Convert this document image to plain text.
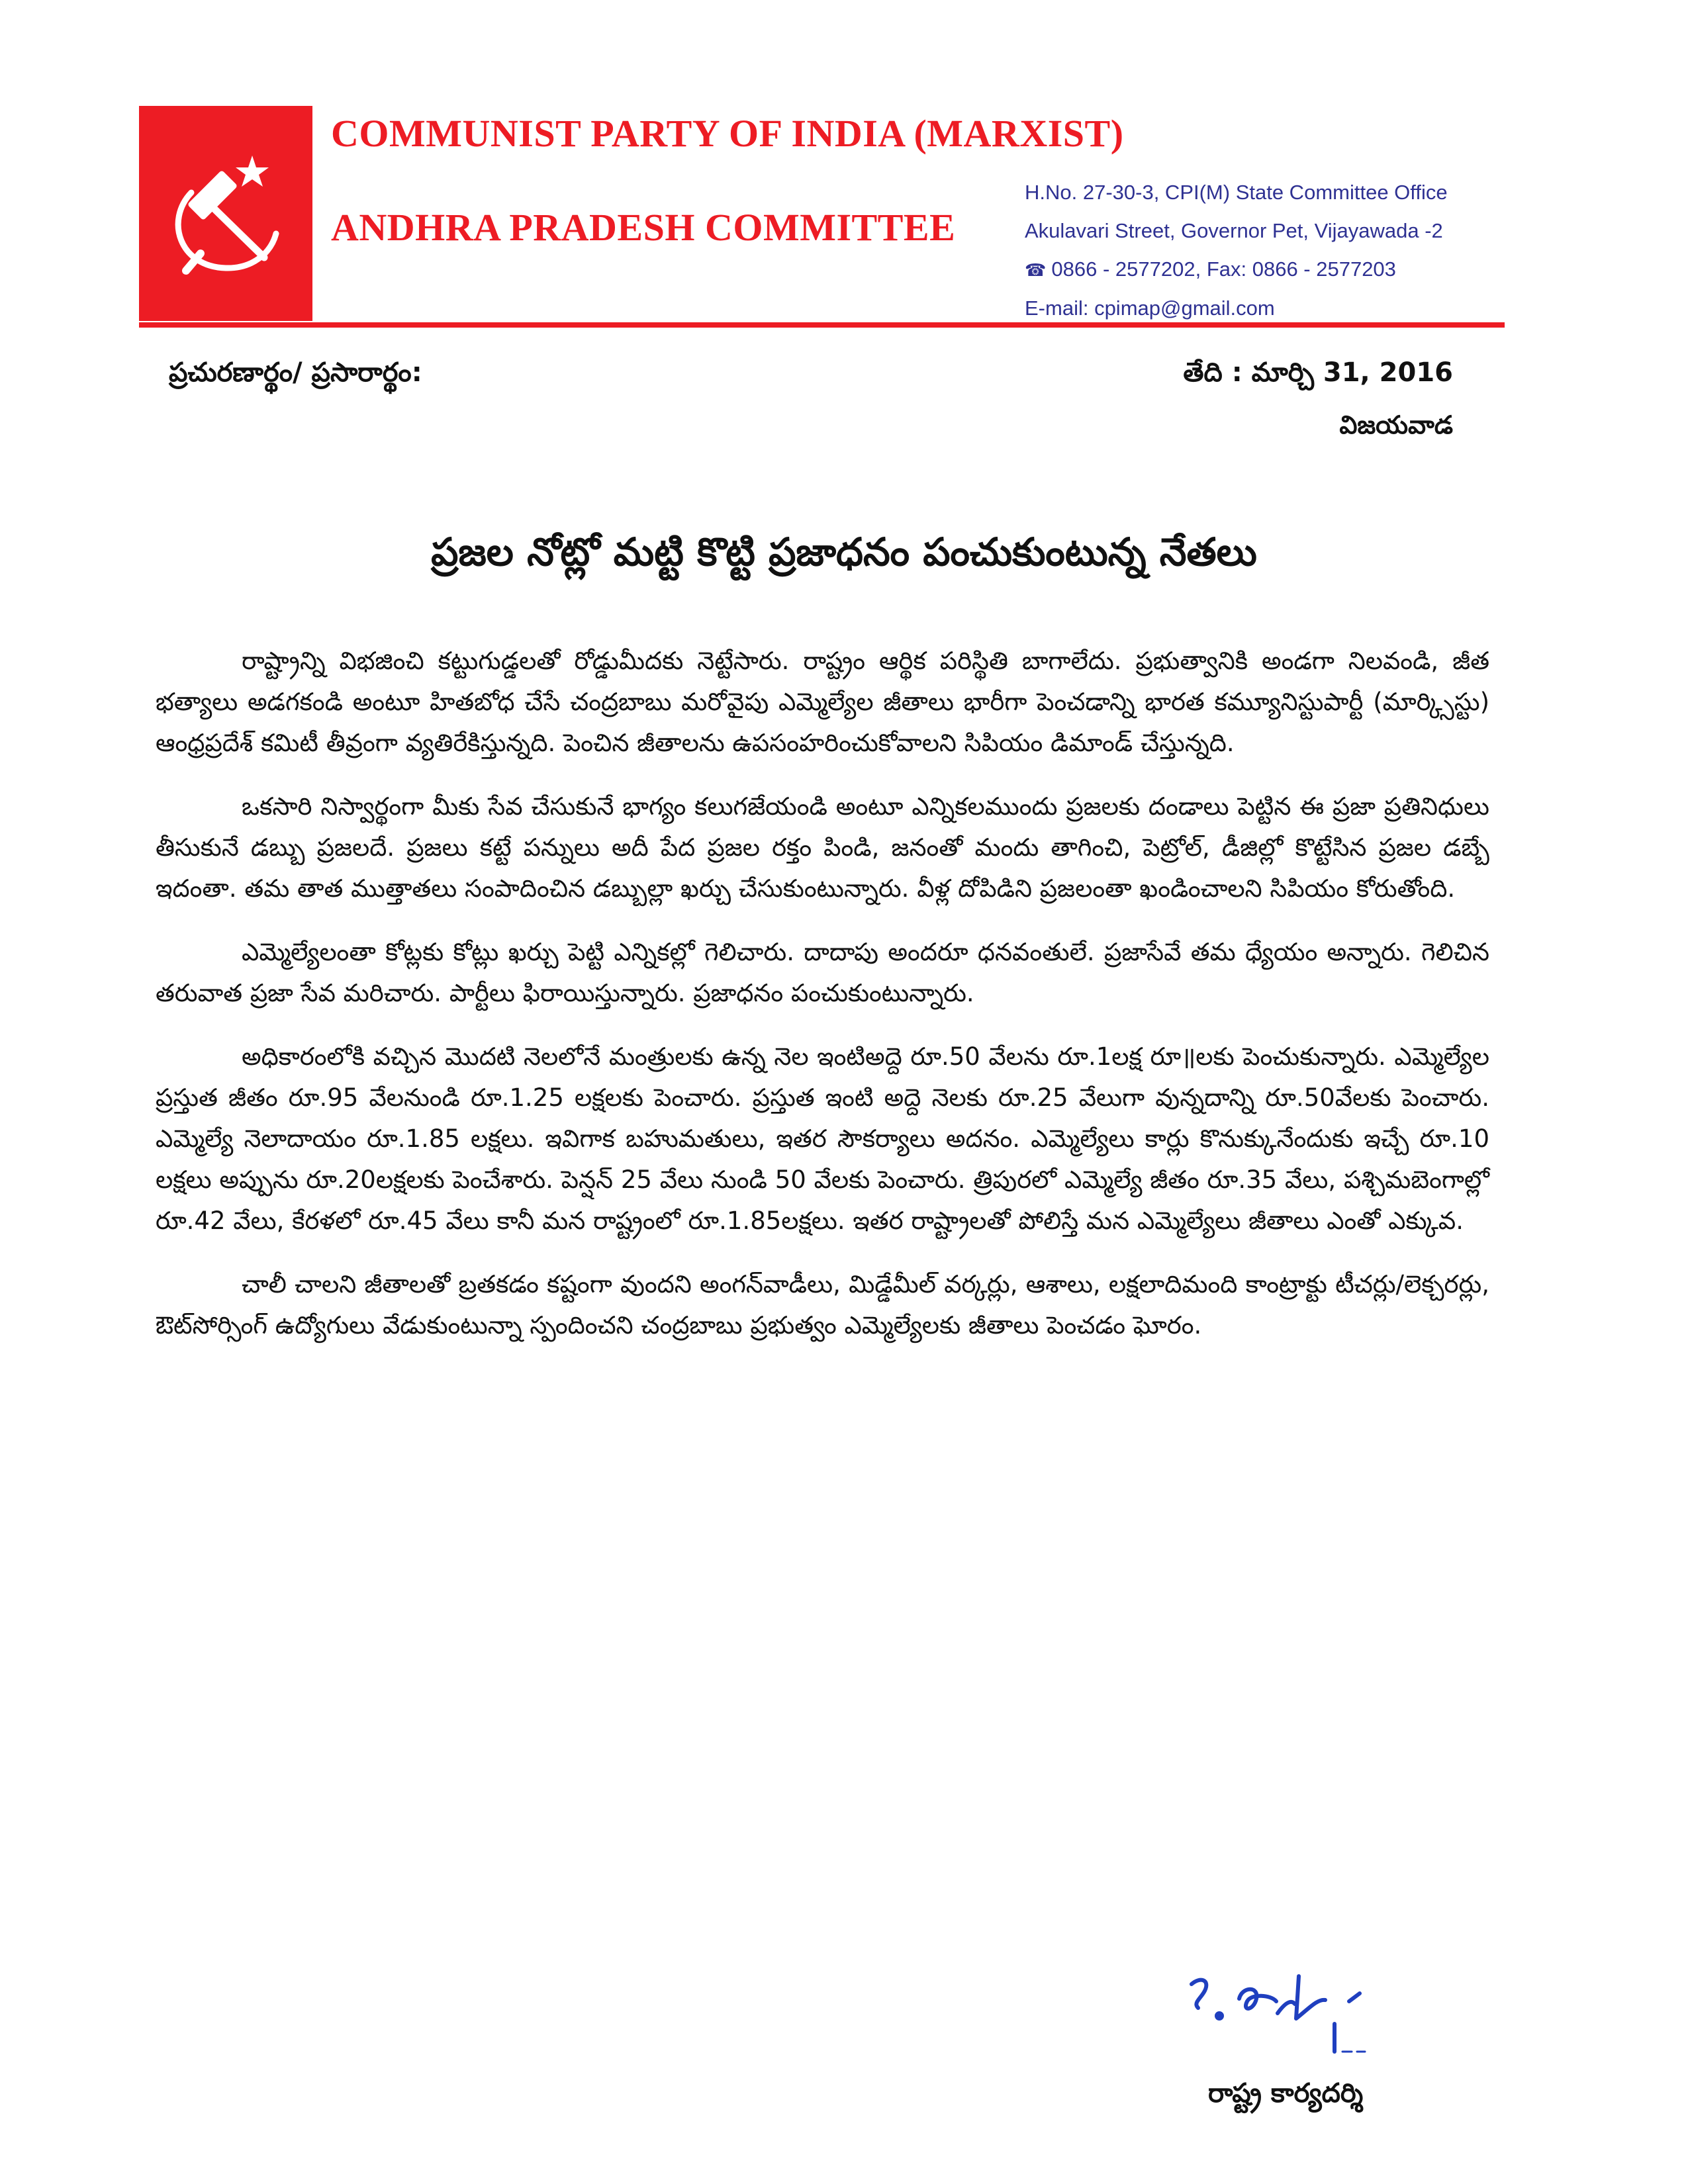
COMMUNIST PARTY OF INDIA (MARXIST)
ANDHRA PRADESH COMMITTEE
H.No. 27-30-3, CPI(M) State Committee Office
Akulavari Street, Governor Pet, Vijayawada -2
☎ 0866 - 2577202, Fax: 0866 - 2577203
E-mail: cpimap@gmail.com
ప్రచురణార్థం/ ప్రసారార్థం:	తేది : మార్చి 31, 2016
విజయవాడ
ప్రజల నోట్లో మట్టి కొట్టి ప్రజాధనం పంచుకుంటున్న నేతలు

రాష్ట్రాన్ని విభజించి కట్టుగుడ్డలతో రోడ్డుమీదకు నెట్టేసారు. రాష్ట్రం ఆర్థిక పరిస్థితి బాగాలేదు. ప్రభుత్వానికి అండగా నిలవండి, జీత భత్యాలు అడగకండి అంటూ హితబోధ చేసే చంద్రబాబు మరోవైపు ఎమ్మెల్యేల జీతాలు భారీగా పెంచడాన్ని భారత కమ్యూనిస్టుపార్టీ (మార్క్సిస్టు) ఆంధ్రప్రదేశ్ కమిటీ తీవ్రంగా వ్యతిరేకిస్తున్నది. పెంచిన జీతాలను ఉపసంహరించుకోవాలని సిపియం డిమాండ్ చేస్తున్నది.

ఒకసారి నిస్వార్థంగా మీకు సేవ చేసుకునే భాగ్యం కలుగజేయండి అంటూ ఎన్నికలముందు ప్రజలకు దండాలు పెట్టిన ఈ ప్రజా ప్రతినిధులు తీసుకునే డబ్బు ప్రజలదే. ప్రజలు కట్టే పన్నులు అదీ పేద ప్రజల రక్తం పిండి, జనంతో మందు తాగించి, పెట్రోల్, డీజిల్లో కొట్టేసిన ప్రజల డబ్బే ఇదంతా. తమ తాత ముత్తాతలు సంపాదించిన డబ్బుల్లా ఖర్చు చేసుకుంటున్నారు. వీళ్ల దోపిడిని ప్రజలంతా ఖండించాలని సిపియం కోరుతోంది.

ఎమ్మెల్యేలంతా కోట్లకు కోట్లు ఖర్చు పెట్టి ఎన్నికల్లో గెలిచారు. దాదాపు అందరూ ధనవంతులే. ప్రజాసేవే తమ ధ్యేయం అన్నారు. గెలిచిన తరువాత ప్రజా సేవ మరిచారు. పార్టీలు ఫిరాయిస్తున్నారు. ప్రజాధనం పంచుకుంటున్నారు.

అధికారంలోకి వచ్చిన మొదటి నెలలోనే మంత్రులకు ఉన్న నెల ఇంటిఅద్దె రూ.50 వేలను రూ.1లక్ష రూ॥లకు పెంచుకున్నారు. ఎమ్మెల్యేల ప్రస్తుత జీతం రూ.95 వేలనుండి రూ.1.25 లక్షలకు పెంచారు. ప్రస్తుత ఇంటి అద్దె నెలకు రూ.25 వేలుగా వున్నదాన్ని రూ.50వేలకు పెంచారు. ఎమ్మెల్యే నెలాదాయం రూ.1.85 లక్షలు. ఇవిగాక బహుమతులు, ఇతర సౌకర్యాలు అదనం. ఎమ్మెల్యేలు కార్లు కొనుక్కునేందుకు ఇచ్చే రూ.10 లక్షలు అప్పును రూ.20లక్షలకు పెంచేశారు. పెన్షన్ 25 వేలు నుండి 50 వేలకు పెంచారు. త్రిపురలో ఎమ్మెల్యే జీతం రూ.35 వేలు, పశ్చిమబెంగాల్లో రూ.42 వేలు, కేరళలో రూ.45 వేలు కానీ మన రాష్ట్రంలో రూ.1.85లక్షలు. ఇతర రాష్ట్రాలతో పోలిస్తే మన ఎమ్మెల్యేలు జీతాలు ఎంతో ఎక్కువ.

చాలీ చాలని జీతాలతో బ్రతకడం కష్టంగా వుందని అంగన్‌వాడీలు, మిడ్డేమీల్ వర్కర్లు, ఆశాలు, లక్షలాదిమంది కాంట్రాక్టు టీచర్లు/లెక్చరర్లు, ఔట్‌సోర్సింగ్ ఉద్యోగులు వేడుకుంటున్నా స్పందించని చంద్రబాబు ప్రభుత్వం ఎమ్మెల్యేలకు జీతాలు పెంచడం ఘోరం.

రాష్ట్ర కార్యదర్శి
